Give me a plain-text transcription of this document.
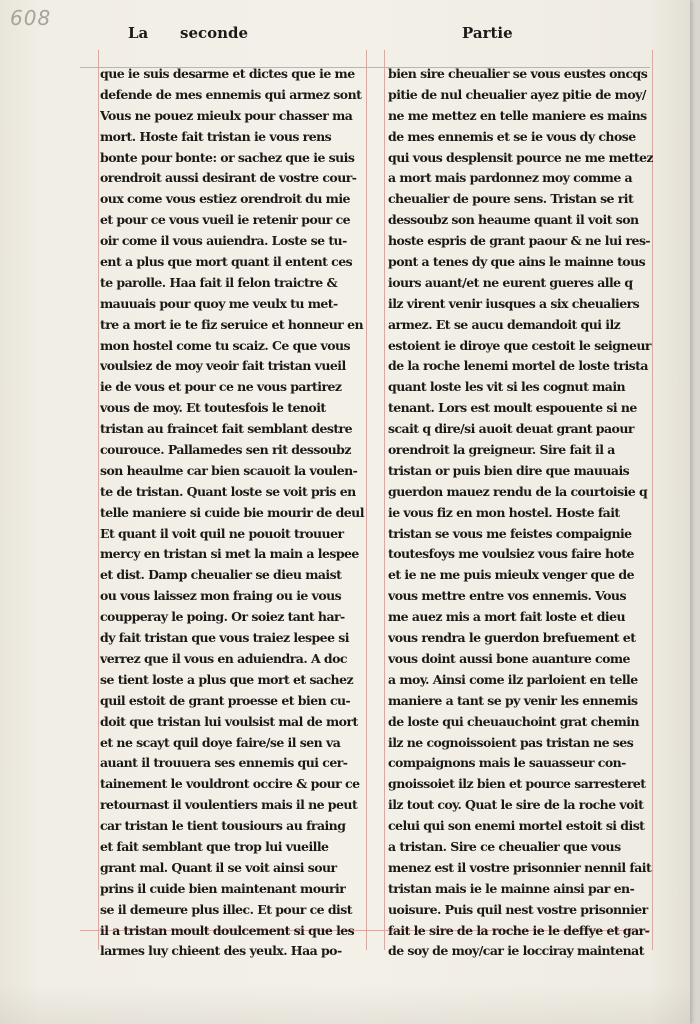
608
La seconde	Partie
que ie suis desarme et dictes que ie me
defende de mes ennemis qui armez sont
Vous ne pouez mieulx pour chasser ma
mort. Hoste fait tristan ie vous rens
bonte pour bonte: or sachez que ie suis
orendroit aussi desirant de vostre cour-
oux come vous estiez orendroit du mie
et pour ce vous vueil ie retenir pour ce
oir come il vous auiendra. Loste se tu-
ent a plus que mort quant il entent ces
te parolle. Haa fait il felon traictre &
mauuais pour quoy me veulx tu met-
tre a mort ie te fiz seruice et honneur en
mon hostel come tu scaiz. Ce que vous
voulsiez de moy veoir fait tristan vueil
ie de vous et pour ce ne vous partirez
vous de moy. Et toutesfois le tenoit
tristan au fraincet fait semblant destre
courouce. Pallamedes sen rit dessoubz
son heaulme car bien scauoit la voulen-
te de tristan. Quant loste se voit pris en
telle maniere si cuide bie mourir de deul
Et quant il voit quil ne pouoit trouuer
mercy en tristan si met la main a lespee
et dist. Damp cheualier se dieu maist
ou vous laissez mon fraing ou ie vous
coupperay le poing. Or soiez tant har-
dy fait tristan que vous traiez lespee si
verrez que il vous en aduiendra. A doc
se tient loste a plus que mort et sachez
quil estoit de grant proesse et bien cu-
doit que tristan lui voulsist mal de mort
et ne scayt quil doye faire/se il sen va
auant il trouuera ses ennemis qui cer-
tainement le vouldront occire & pour ce
retournast il voulentiers mais il ne peut
car tristan le tient tousiours au fraing
et fait semblant que trop lui vueille
grant mal. Quant il se voit ainsi sour
prins il cuide bien maintenant mourir
se il demeure plus illec. Et pour ce dist
il a tristan moult doulcement si que les
larmes luy chieent des yeulx. Haa po-
bien sire cheualier se vous eustes oncqs
pitie de nul cheualier ayez pitie de moy/
ne me mettez en telle maniere es mains
de mes ennemis et se ie vous dy chose
qui vous desplensit pource ne me mettez
a mort mais pardonnez moy comme a
cheualier de poure sens. Tristan se rit
dessoubz son heaume quant il voit son
hoste espris de grant paour & ne lui res-
pont a tenes dy que ains le mainne tous
iours auant/et ne eurent gueres alle q
ilz virent venir iusques a six cheualiers
armez. Et se aucu demandoit qui ilz
estoient ie diroye que cestoit le seigneur
de la roche lenemi mortel de loste trista
quant loste les vit si les cognut main
tenant. Lors est moult espouente si ne
scait q dire/si auoit deuat grant paour
orendroit la greigneur. Sire fait il a
tristan or puis bien dire que mauuais
guerdon mauez rendu de la courtoisie q
ie vous fiz en mon hostel. Hoste fait
tristan se vous me feistes compaignie
toutesfoys me voulsiez vous faire hote
et ie ne me puis mieulx venger que de
vous mettre entre vos ennemis. Vous
me auez mis a mort fait loste et dieu
vous rendra le guerdon brefuement et
vous doint aussi bone auanture come
a moy. Ainsi come ilz parloient en telle
maniere a tant se py venir les ennemis
de loste qui cheuauchoint grat chemin
ilz ne cognoissoient pas tristan ne ses
compaignons mais le sauasseur con-
gnoissoiet ilz bien et pource sarresteret
ilz tout coy. Quat le sire de la roche voit
celui qui son enemi mortel estoit si dist
a tristan. Sire ce cheualier que vous
menez est il vostre prisonnier nennil fait
tristan mais ie le mainne ainsi par en-
uoisure. Puis quil nest vostre prisonnier
fait le sire de la roche ie le deffye et gar-
de soy de moy/car ie locciray maintenat
